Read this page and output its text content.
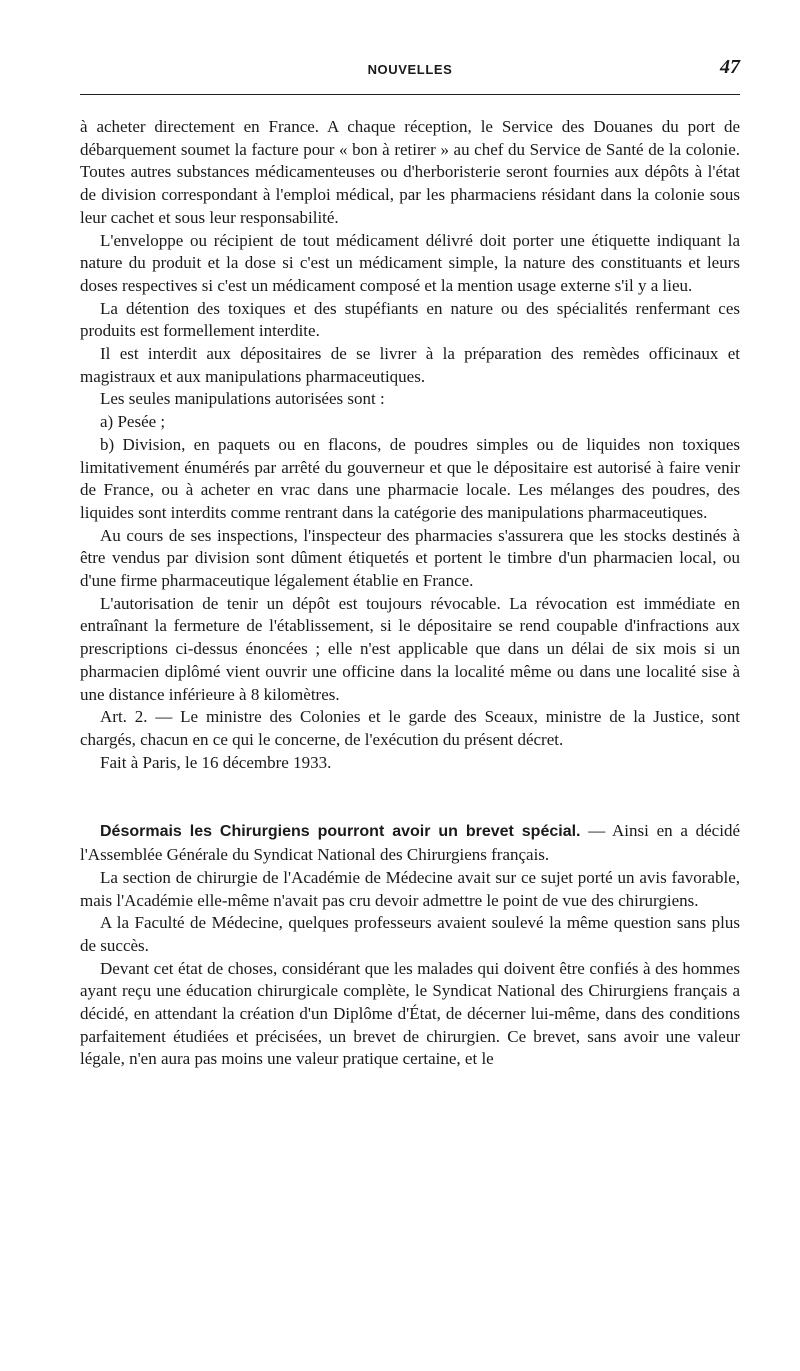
NOUVELLES	47

à acheter directement en France. A chaque réception, le Service des Douanes du port de débarquement soumet la facture pour « bon à retirer » au chef du Service de Santé de la colonie. Toutes autres substances médicamenteuses ou d'herboristerie seront fournies aux dépôts à l'état de division correspondant à l'emploi médical, par les pharmaciens résidant dans la colonie sous leur cachet et sous leur responsabilité.

L'enveloppe ou récipient de tout médicament délivré doit porter une étiquette indiquant la nature du produit et la dose si c'est un médicament simple, la nature des constituants et leurs doses respectives si c'est un médicament composé et la mention usage externe s'il y a lieu.

La détention des toxiques et des stupéfiants en nature ou des spécialités renfermant ces produits est formellement interdite.

Il est interdit aux dépositaires de se livrer à la préparation des remèdes officinaux et magistraux et aux manipulations pharmaceutiques.

Les seules manipulations autorisées sont :

a) Pesée ;

b) Division, en paquets ou en flacons, de poudres simples ou de liquides non toxiques limitativement énumérés par arrêté du gouverneur et que le dépositaire est autorisé à faire venir de France, ou à acheter en vrac dans une pharmacie locale. Les mélanges des poudres, des liquides sont interdits comme rentrant dans la catégorie des manipulations pharmaceutiques.

Au cours de ses inspections, l'inspecteur des pharmacies s'assurera que les stocks destinés à être vendus par division sont dûment étiquetés et portent le timbre d'un pharmacien local, ou d'une firme pharmaceutique légalement établie en France.

L'autorisation de tenir un dépôt est toujours révocable. La révocation est immédiate en entraînant la fermeture de l'établissement, si le dépositaire se rend coupable d'infractions aux prescriptions ci-dessus énoncées ; elle n'est applicable que dans un délai de six mois si un pharmacien diplômé vient ouvrir une officine dans la localité même ou dans une localité sise à une distance inférieure à 8 kilomètres.

Art. 2. — Le ministre des Colonies et le garde des Sceaux, ministre de la Justice, sont chargés, chacun en ce qui le concerne, de l'exécution du présent décret.

Fait à Paris, le 16 décembre 1933.

Désormais les Chirurgiens pourront avoir un brevet spécial. — Ainsi en a décidé l'Assemblée Générale du Syndicat National des Chirurgiens français.

La section de chirurgie de l'Académie de Médecine avait sur ce sujet porté un avis favorable, mais l'Académie elle-même n'avait pas cru devoir admettre le point de vue des chirurgiens.

A la Faculté de Médecine, quelques professeurs avaient soulevé la même question sans plus de succès.

Devant cet état de choses, considérant que les malades qui doivent être confiés à des hommes ayant reçu une éducation chirurgicale complète, le Syndicat National des Chirurgiens français a décidé, en attendant la création d'un Diplôme d'État, de décerner lui-même, dans des conditions parfaitement étudiées et précisées, un brevet de chirurgien. Ce brevet, sans avoir une valeur légale, n'en aura pas moins une valeur pratique certaine, et le
